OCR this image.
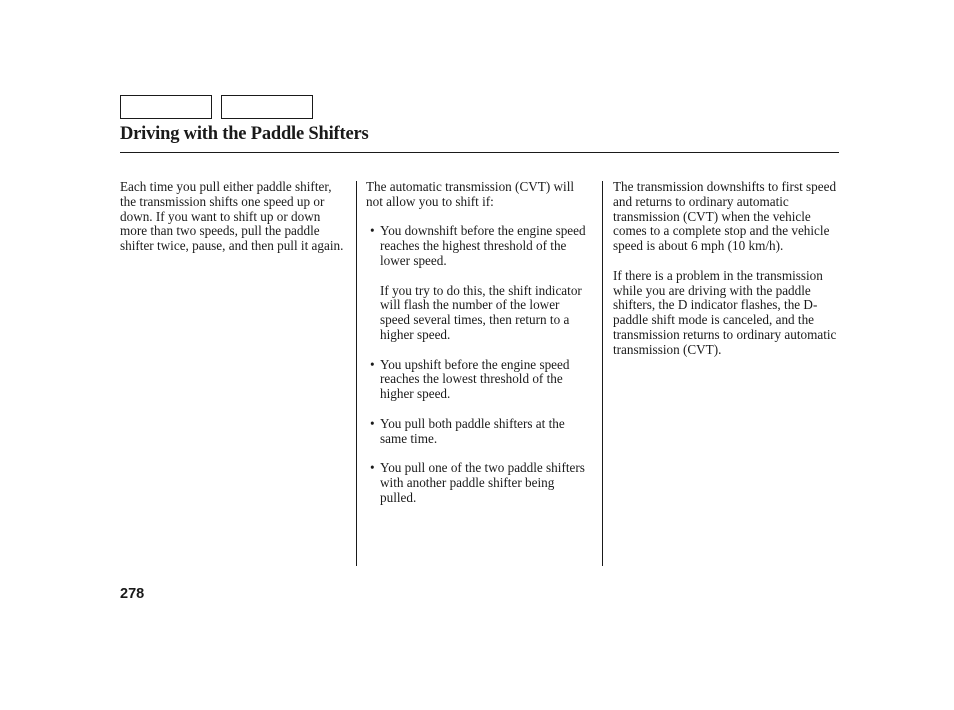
Driving with the Paddle Shifters

Each time you pull either paddle shifter, the transmission shifts one speed up or down. If you want to shift up or down more than two speeds, pull the paddle shifter twice, pause, and then pull it again.

The automatic transmission (CVT) will not allow you to shift if:

• You downshift before the engine speed reaches the highest threshold of the lower speed.
If you try to do this, the shift indicator will flash the number of the lower speed several times, then return to a higher speed.
• You upshift before the engine speed reaches the lowest threshold of the higher speed.
• You pull both paddle shifters at the same time.
• You pull one of the two paddle shifters with another paddle shifter being pulled.

The transmission downshifts to first speed and returns to ordinary automatic transmission (CVT) when the vehicle comes to a complete stop and the vehicle speed is about 6 mph (10 km/h).

If there is a problem in the transmission while you are driving with the paddle shifters, the D indicator flashes, the D-paddle shift mode is canceled, and the transmission returns to ordinary automatic transmission (CVT).

278
